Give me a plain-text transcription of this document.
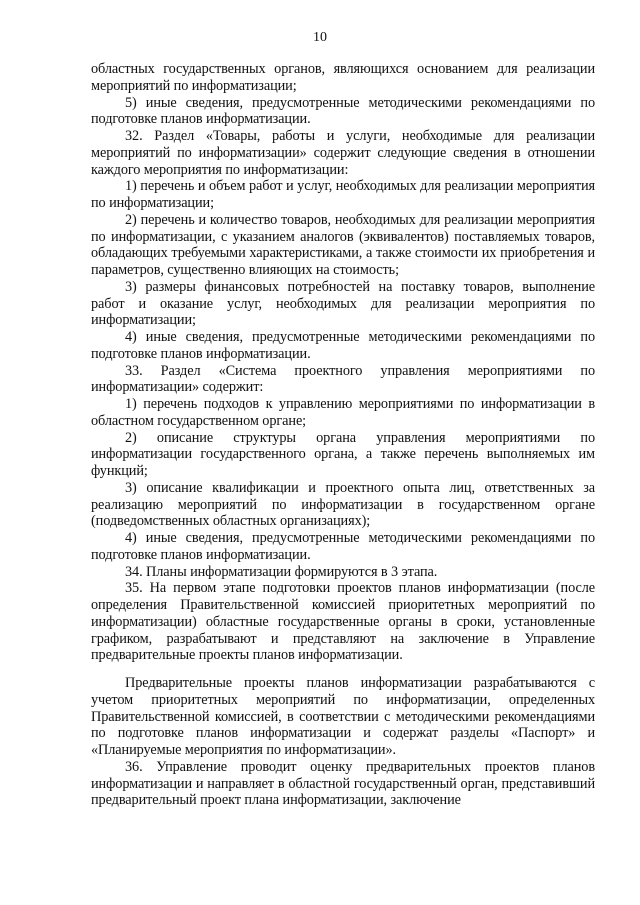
10

областных государственных органов, являющихся основанием для реализации мероприятий по информатизации;

5) иные сведения, предусмотренные методическими рекомендациями по подготовке планов информатизации.

32. Раздел «Товары, работы и услуги, необходимые для реализации мероприятий по информатизации» содержит следующие сведения в отношении каждого мероприятия по информатизации:

1) перечень и объем работ и услуг, необходимых для реализации мероприятия по информатизации;

2) перечень и количество товаров, необходимых для реализации мероприятия по информатизации, с указанием аналогов (эквивалентов) поставляемых товаров, обладающих требуемыми характеристиками, а также стоимости их приобретения и параметров, существенно влияющих на стоимость;

3) размеры финансовых потребностей на поставку товаров, выполнение работ и оказание услуг, необходимых для реализации мероприятия по информатизации;

4) иные сведения, предусмотренные методическими рекомендациями по подготовке планов информатизации.

33. Раздел «Система проектного управления мероприятиями по информатизации» содержит:

1) перечень подходов к управлению мероприятиями по информатизации в областном государственном органе;

2) описание структуры органа управления мероприятиями по информатизации государственного органа, а также перечень выполняемых им функций;

3) описание квалификации и проектного опыта лиц, ответственных за реализацию мероприятий по информатизации в государственном органе (подведомственных областных организациях);

4) иные сведения, предусмотренные методическими рекомендациями по подготовке планов информатизации.

34. Планы информатизации формируются в 3 этапа.

35. На первом этапе подготовки проектов планов информатизации (после определения Правительственной комиссией приоритетных мероприятий по информатизации) областные государственные органы в сроки, установленные графиком, разрабатывают и представляют на заключение в Управление предварительные проекты планов информатизации.

Предварительные проекты планов информатизации разрабатываются с учетом приоритетных мероприятий по информатизации, определенных Правительственной комиссией, в соответствии с методическими рекомендациями по подготовке планов информатизации и содержат разделы «Паспорт» и «Планируемые мероприятия по информатизации».

36. Управление проводит оценку предварительных проектов планов информатизации и направляет в областной государственный орган, представивший предварительный проект плана информатизации, заключение
